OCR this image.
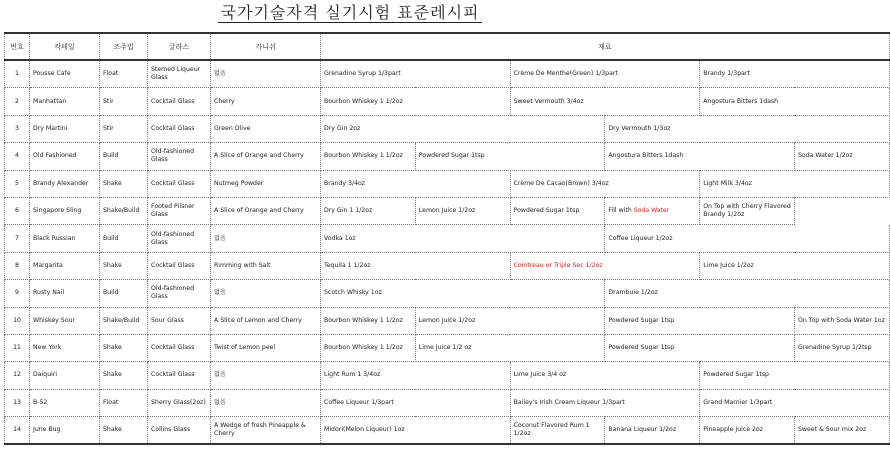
국가기술자격 실기시험 표준레시피
번호	칵테일	조주법	글라스	가니쉬	재료					
1	Pousse Cafe	Float	Stemed Liqueur Glass	없음	Grenadine Syrup 1/3part		Crème De Menthe(Green) 1/3part		Brandy 1/3part	
2	Manhattan	Stir	Cocktail Glass	Cherry	Bourbon Whiskey 1 1/2oz		Sweet Vermouth 3/4oz		Angostura Bitters 1dash	
3	Dry Martini	Stir	Cocktail Glass	Green Olive	Dry Gin 2oz			Dry Vermouth 1/3oz		
4	Old Fashioned	Build	Old-fashioned Glass	A Slice of Orange and Cherry	Bourbon Whiskey 1 1/2oz	Powdered Sugar 1tsp		Angostura Bitters 1dash		Soda Water 1/2oz
5	Brandy Alexander	Shake	Cocktail Glass	Nutmeg Powder	Brandy 3/4oz		Crème De Cacao(Brown) 3/4oz		Light Milk 3/4oz	
6	Singapore Sling	Shake/Build	Footed Pilsner Glass	A Slice of Orange and Cherry	Dry Gin 1 1/2oz	Lemon Juice 1/2oz	Powdered Sugar 1tsp	Fill with Soda Water	On Top with Cherry Flavored Brandy 1/2oz	
7	Black Russian	Build	Old-fashioned Glass	없음	Vodka 1oz			Coffee Liqueur 1/2oz		
8	Margarita	Shake	Cocktail Glass	Rimming with Salt	Tequila 1 1/2oz		Cointreau or Triple Sec 1/2oz		Lime Juice 1/2oz	
9	Rusty Nail	Build	Old-fashioned Glass	없음	Scotch Whisky 1oz			Drambuie 1/2oz		
10	Whiskey Sour	Shake/Build	Sour Glass	A Slice of Lemon and Cherry	Bourbon Whiskey 1 1/2oz	Lemon Juice 1/2oz		Powdered Sugar 1tsp		On Top with Soda Water 1oz
11	New York	Shake	Cocktail Glass	Twist of Lemon peel	Bourbon Whiskey 1 1/2oz	Lime Juice 1/2 oz		Powdered Sugar 1tsp		Grenadine Syrup 1/2tsp
12	Daiquiri	Shake	Cocktail Glass	없음	Light Rum 1 3/4oz		Lime Juice 3/4 oz		Powdered Sugar 1tsp	
13	B-52	Float	Sherry Glass(2oz)	없음	Coffee Liqueur 1/3part		Bailey's Irish Cream Liqueur 1/3part		Grand Marnier 1/3part	
14	June Bug	Shake	Collins Glass	A Wedge of fresh Pineapple & Cherry	Midori(Melon Liqueur) 1oz		Coconut Flavored Rum 1 1/2oz	Banana Liqueur 1/2oz	Pineapple Juice 2oz	Sweet & Sour mix 2oz
